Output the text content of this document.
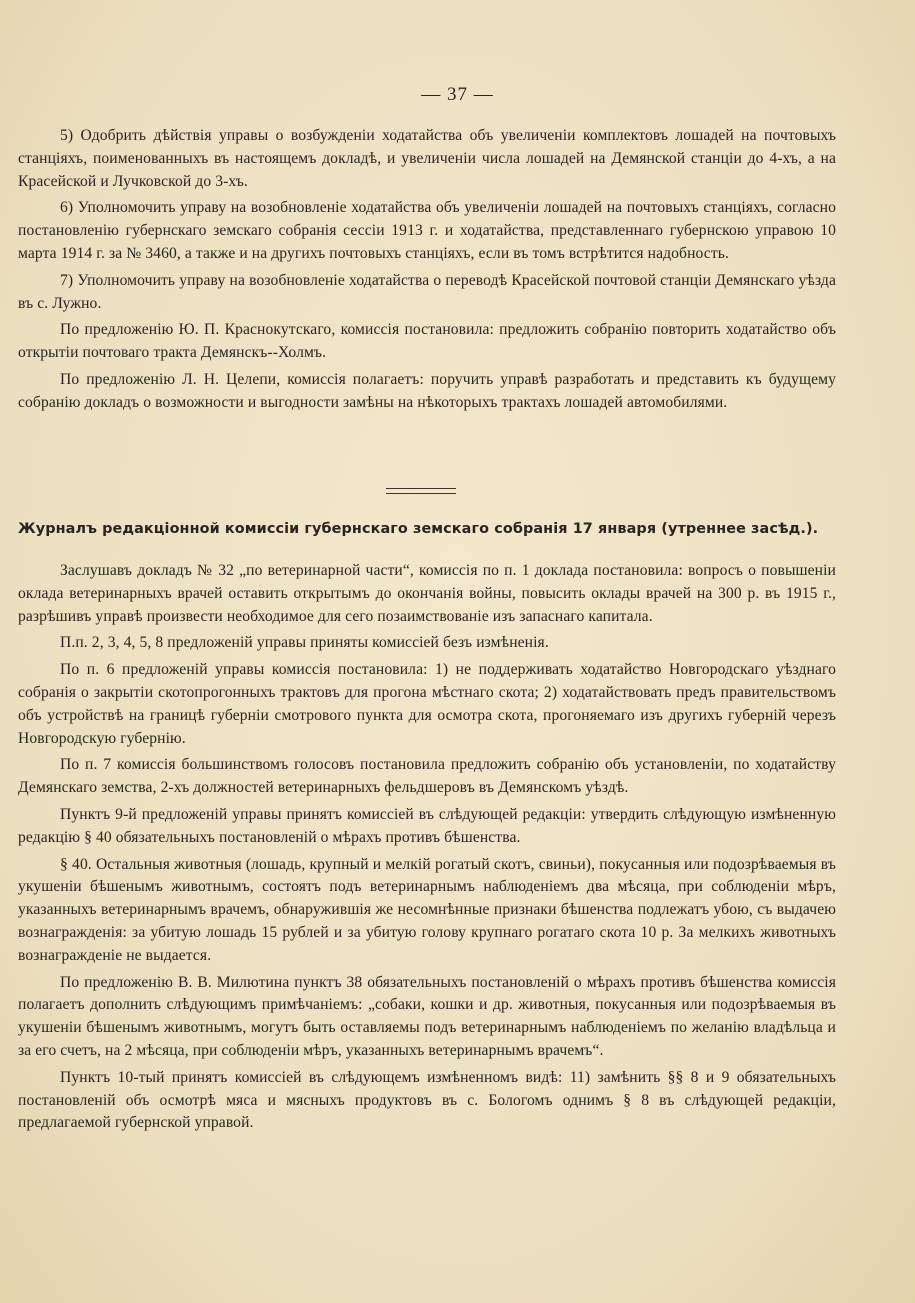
— 37 —

5) Одобрить дѣйствія управы о возбужденіи ходатайства объ увеличеніи комплектовъ лошадей на почтовыхъ станціяхъ, поименованныхъ въ настоящемъ докладѣ, и увеличеніи числа лошадей на Демянской станціи до 4-хъ, а на Красейской и Лучковской до 3-хъ.

6) Уполномочить управу на возобновленіе ходатайства объ увеличеніи лошадей на почтовыхъ станціяхъ, согласно постановленію губернскаго земскаго собранія сессіи 1913 г. и ходатайства, представленнаго губернскою управою 10 марта 1914 г. за № 3460, а также и на другихъ почтовыхъ станціяхъ, если въ томъ встрѣтится надобность.

7) Уполномочить управу на возобновленіе ходатайства о переводѣ Красейской почтовой станціи Демянскаго уѣзда въ с. Лужно.

По предложенію Ю. П. Краснокутскаго, комиссія постановила: предложить собранію повторить ходатайство объ открытіи почтоваго тракта Демянскъ--Холмъ.

По предложенію Л. Н. Целепи, комиссія полагаетъ: поручить управѣ разработать и представить къ будущему собранію докладъ о возможности и выгодности замѣны на нѣкоторыхъ трактахъ лошадей автомобилями.

Журналъ редакціонной комиссіи губернскаго земскаго собранія 17 января (утреннее засѣд.).

Заслушавъ докладъ № 32 „по ветеринарной части“, комиссія по п. 1 доклада постановила: вопросъ о повышеніи оклада ветеринарныхъ врачей оставить открытымъ до окончанія войны, повысить оклады врачей на 300 р. въ 1915 г., разрѣшивъ управѣ произвести необходимое для сего позаимствованіе изъ запаснаго капитала.

П.п. 2, 3, 4, 5, 8 предложеній управы приняты комиссіей безъ измѣненія.

По п. 6 предложеній управы комиссія постановила: 1) не поддерживать ходатайство Новгородскаго уѣзднаго собранія о закрытіи скотопрогонныхъ трактовъ для прогона мѣстнаго скота; 2) ходатайствовать предъ правительствомъ объ устройствѣ на границѣ губерніи смотрового пункта для осмотра скота, прогоняемаго изъ другихъ губерній черезъ Новгородскую губернію.

По п. 7 комиссія большинствомъ голосовъ постановила предложить собранію объ установленіи, по ходатайству Демянскаго земства, 2-хъ должностей ветеринарныхъ фельдшеровъ въ Демянскомъ уѣздѣ.

Пунктъ 9-й предложеній управы принятъ комиссіей въ слѣдующей редакціи: утвердить слѣдующую измѣненную редакцію § 40 обязательныхъ постановленій о мѣрахъ противъ бѣшенства.

§ 40. Остальныя животныя (лошадь, крупный и мелкій рогатый скотъ, свиньи), покусанныя или подозрѣваемыя въ укушеніи бѣшенымъ животнымъ, состоятъ подъ ветеринарнымъ наблюденіемъ два мѣсяца, при соблюденіи мѣръ, указанныхъ ветеринарнымъ врачемъ, обнаружившія же несомнѣнные признаки бѣшенства подлежатъ убою, съ выдачею вознагражденія: за убитую лошадь 15 рублей и за убитую голову крупнаго рогатаго скота 10 р. За мелкихъ животныхъ вознагражденіе не выдается.

По предложенію В. В. Милютина пунктъ 38 обязательныхъ постановленій о мѣрахъ противъ бѣшенства комиссія полагаетъ дополнить слѣдующимъ примѣчаніемъ: „собаки, кошки и др. животныя, покусанныя или подозрѣваемыя въ укушеніи бѣшенымъ животнымъ, могутъ быть оставляемы подъ ветеринарнымъ наблюденіемъ по желанію владѣльца и за его счетъ, на 2 мѣсяца, при соблюденіи мѣръ, указанныхъ ветеринарнымъ врачемъ“.

Пунктъ 10-тый принятъ комиссіей въ слѣдующемъ измѣненномъ видѣ: 11) замѣнить §§ 8 и 9 обязательныхъ постановленій объ осмотрѣ мяса и мясныхъ продуктовъ въ с. Бологомъ однимъ § 8 въ слѣдующей редакціи, предлагаемой губернской управой.
